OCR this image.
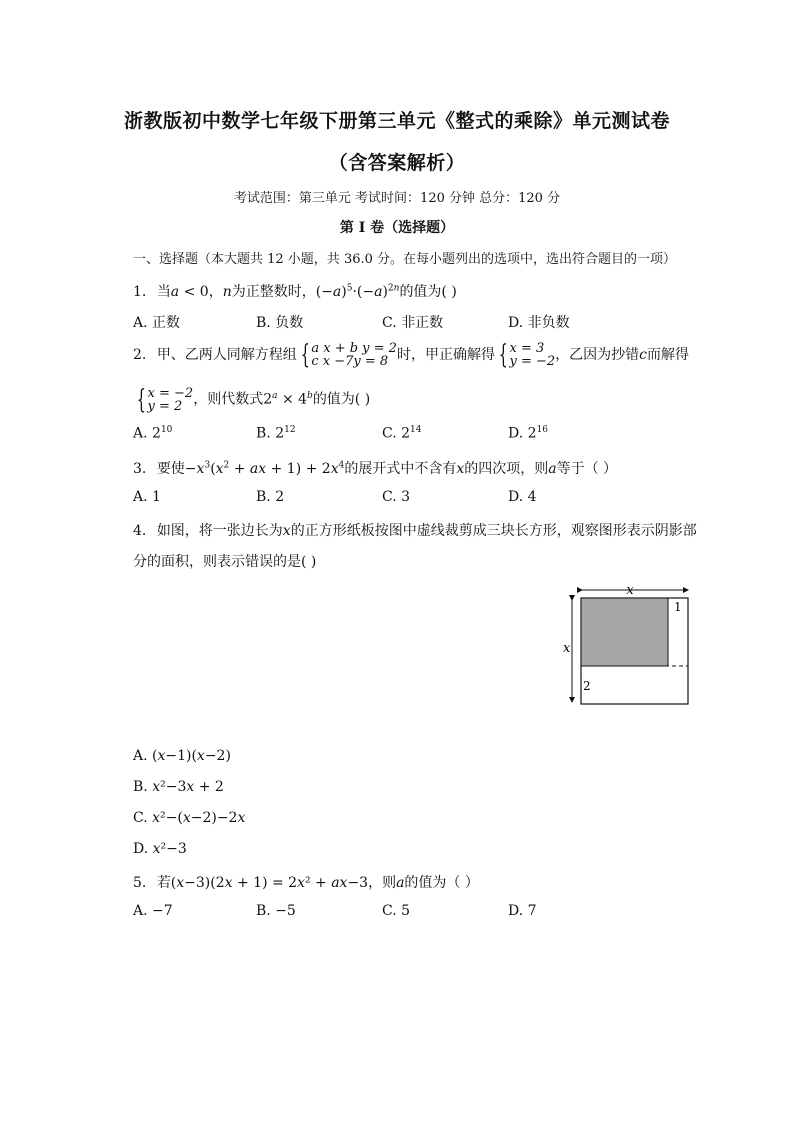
浙教版初中数学七年级下册第三单元《整式的乘除》单元测试卷
（含答案解析）
考试范围：第三单元 考试时间：120 分钟 总分：120 分
第 I 卷（选择题）
一、选择题（本大题共 12 小题，共 36.0 分。在每小题列出的选项中，选出符合题目的一项）
1. 当𝑎 < 0，𝑛为正整数时，(−𝑎)$^5$·(−𝑎)$^{2𝑛}$的值为( )
A. 正数	B. 负数	C. 非正数	D. 非负数
2. 甲、乙两人同解方程组 { 𝑎 𝑥 + 𝑏 𝑦 = 2
𝑐 𝑥 −7𝑦 = 8 时，甲正确解得 { 𝑥 = 3
𝑦 = −2 ，乙因为抄错𝑐而解得
{ 𝑥 = −2
𝑦 = 2 ，则代数式$2^𝑎 \times 4^𝑏$的值为( )
A. $2^{10}$	B. $2^{12}$	C. $2^{14}$	D. $2^{16}$
3. 要使−𝑥$^3$(𝑥$^2$ + 𝑎𝑥 + 1) + 2𝑥$^4$的展开式中不含有𝑥的四次项，则𝑎等于（ ）
A. 1	B. 2	C. 3	D. 4
4. 如图，将一张边长为𝑥的正方形纸板按图中虚线裁剪成三块长方形，观察图形表示阴影部
分的面积，则表示错误的是( )
𝑥
𝑥
1
2
A. (𝑥−1)(𝑥−2)
B. 𝑥²−3𝑥 + 2
C. 𝑥²−(𝑥−2)−2𝑥
D. 𝑥²−3
5. 若(𝑥−3)(2𝑥 + 1) = 2𝑥² + 𝑎𝑥−3，则𝑎的值为（ ）
A. −7	B. −5	C. 5	D. 7
